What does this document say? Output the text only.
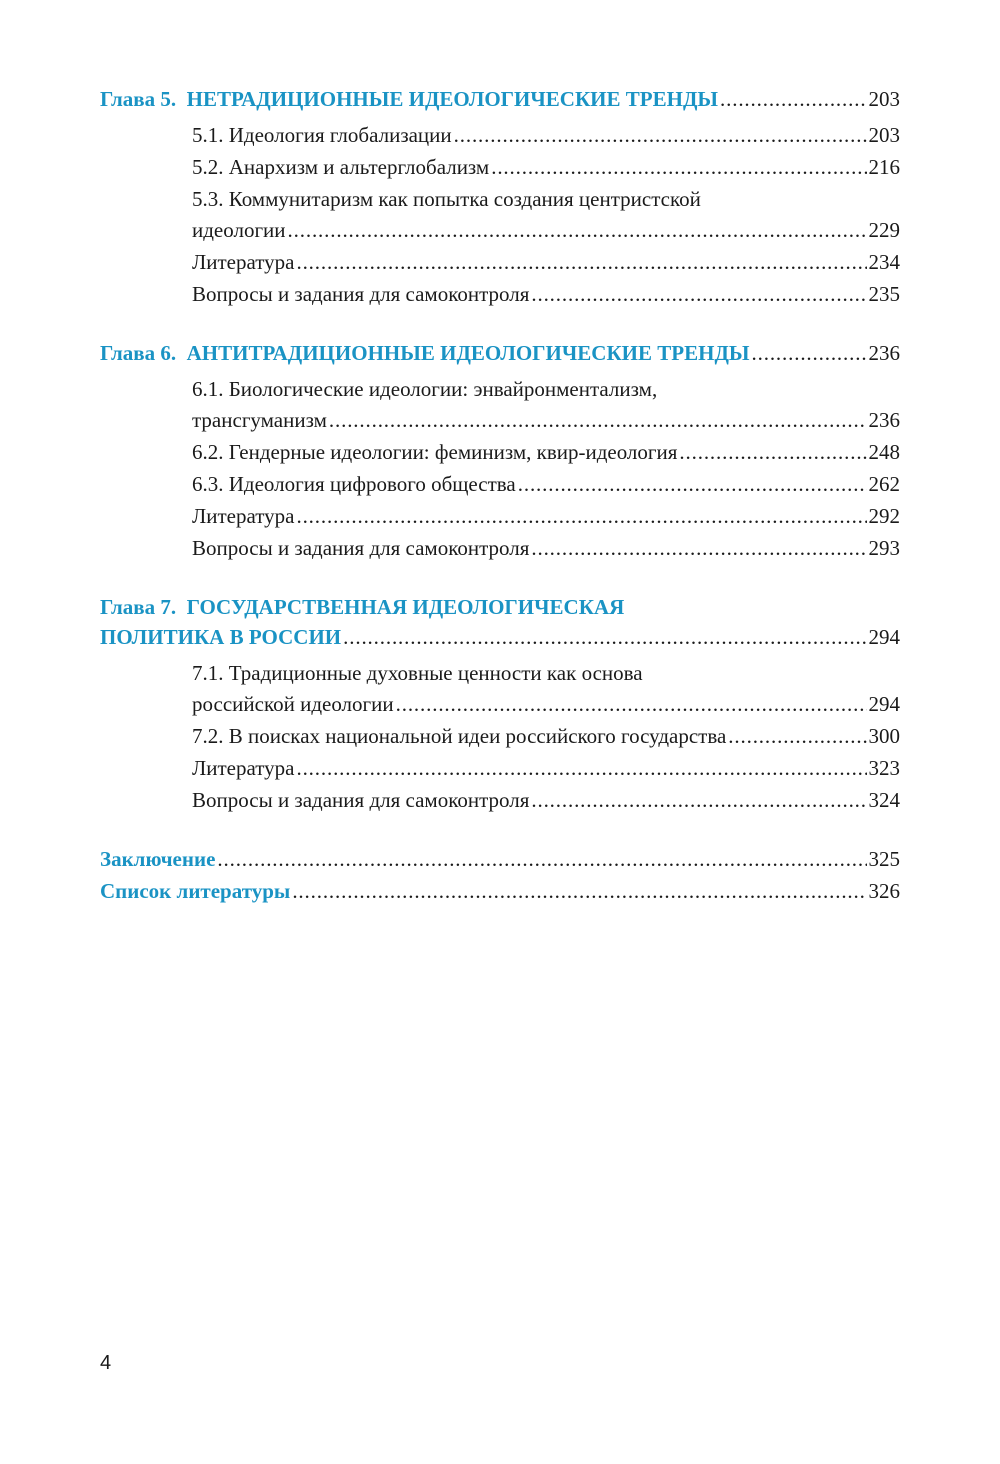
Глава 5. НЕТРАДИЦИОННЫЕ ИДЕОЛОГИЧЕСКИЕ ТРЕНДЫ . . .	203
5.1. Идеология глобализации . . .	203
5.2. Анархизм и альтерглобализм . . .	216
5.3. Коммунитаризм как попытка создания центристской
идеологии . . .	229
Литература . . .	234
Вопросы и задания для самоконтроля . . .	235
Глава 6. АНТИТРАДИЦИОННЫЕ ИДЕОЛОГИЧЕСКИЕ ТРЕНДЫ . . .	236
6.1. Биологические идеологии: энвайронментализм,
трансгуманизм . . .	236
6.2. Гендерные идеологии: феминизм, квир-идеология . . .	248
6.3. Идеология цифрового общества . . .	262
Литература . . .	292
Вопросы и задания для самоконтроля . . .	293
Глава 7. ГОСУДАРСТВЕННАЯ ИДЕОЛОГИЧЕСКАЯ
ПОЛИТИКА В РОССИИ . . .	294
7.1. Традиционные духовные ценности как основа
российской идеологии . . .	294
7.2. В поисках национальной идеи российского государства . . .	300
Литература . . .	323
Вопросы и задания для самоконтроля . . .	324
Заключение . . .	325
Список литературы . . .	326
4
